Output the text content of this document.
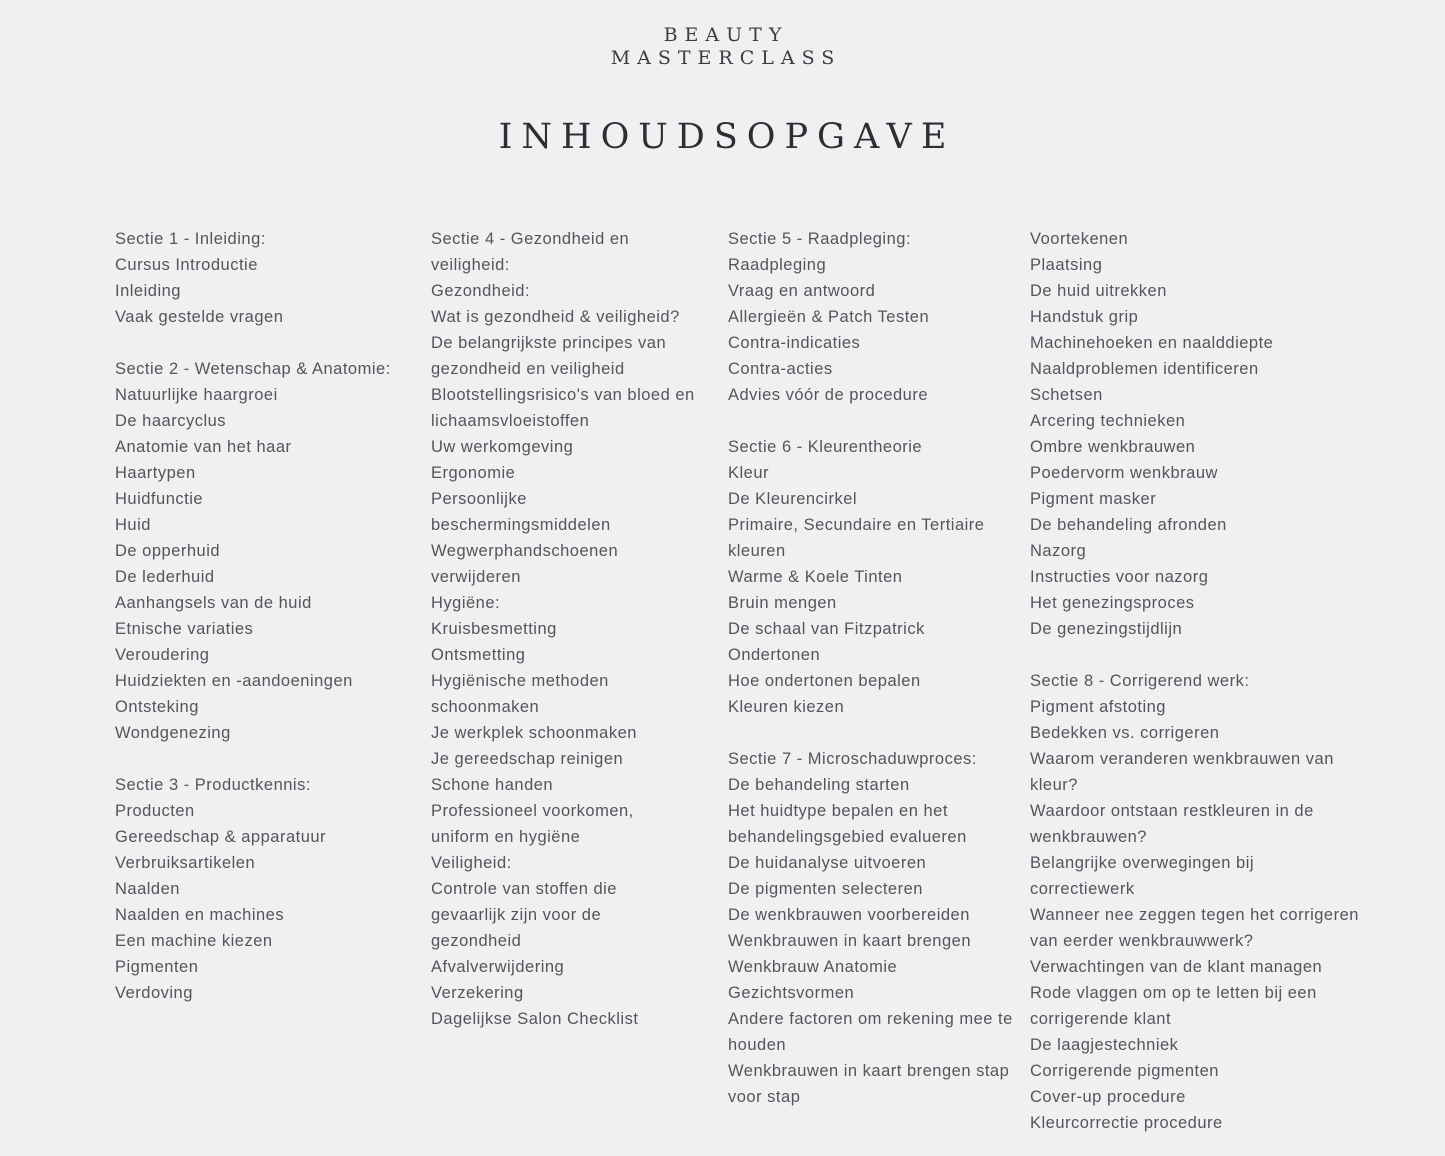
BEAUTY
MASTERCLASS
INHOUDSOPGAVE
Sectie 1 - Inleiding:
Cursus Introductie
Inleiding
Vaak gestelde vragen
Sectie 2 - Wetenschap & Anatomie:
Natuurlijke haargroei
De haarcyclus
Anatomie van het haar
Haartypen
Huidfunctie
Huid
De opperhuid
De lederhuid
Aanhangsels van de huid
Etnische variaties
Veroudering
Huidziekten en -aandoeningen
Ontsteking
Wondgenezing
Sectie 3 - Productkennis:
Producten
Gereedschap & apparatuur
Verbruiksartikelen
Naalden
Naalden en machines
Een machine kiezen
Pigmenten
Verdoving
Sectie 4 - Gezondheid en
veiligheid:
Gezondheid:
Wat is gezondheid & veiligheid?
De belangrijkste principes van
gezondheid en veiligheid
Blootstellingsrisico's van bloed en
lichaamsvloeistoffen
Uw werkomgeving
Ergonomie
Persoonlijke
beschermingsmiddelen
Wegwerphandschoenen
verwijderen
Hygiëne:
Kruisbesmetting
Ontsmetting
Hygiënische methoden
schoonmaken
Je werkplek schoonmaken
Je gereedschap reinigen
Schone handen
Professioneel voorkomen,
uniform en hygiëne
Veiligheid:
Controle van stoffen die
gevaarlijk zijn voor de
gezondheid
Afvalverwijdering
Verzekering
Dagelijkse Salon Checklist
Sectie 5 - Raadpleging:
Raadpleging
Vraag en antwoord
Allergieën & Patch Testen
Contra-indicaties
Contra-acties
Advies vóór de procedure
Sectie 6 - Kleurentheorie
Kleur
De Kleurencirkel
Primaire, Secundaire en Tertiaire
kleuren
Warme & Koele Tinten
Bruin mengen
De schaal van Fitzpatrick
Ondertonen
Hoe ondertonen bepalen
Kleuren kiezen
Sectie 7 - Microschaduwproces:
De behandeling starten
Het huidtype bepalen en het
behandelingsgebied evalueren
De huidanalyse uitvoeren
De pigmenten selecteren
De wenkbrauwen voorbereiden
Wenkbrauwen in kaart brengen
Wenkbrauw Anatomie
Gezichtsvormen
Andere factoren om rekening mee te
houden
Wenkbrauwen in kaart brengen stap
voor stap
Voortekenen
Plaatsing
De huid uitrekken
Handstuk grip
Machinehoeken en naalddiepte
Naaldproblemen identificeren
Schetsen
Arcering technieken
Ombre wenkbrauwen
Poedervorm wenkbrauw
Pigment masker
De behandeling afronden
Nazorg
Instructies voor nazorg
Het genezingsproces
De genezingstijdlijn
Sectie 8 - Corrigerend werk:
Pigment afstoting
Bedekken vs. corrigeren
Waarom veranderen wenkbrauwen van
kleur?
Waardoor ontstaan restkleuren in de
wenkbrauwen?
Belangrijke overwegingen bij
correctiewerk
Wanneer nee zeggen tegen het corrigeren
van eerder wenkbrauwwerk?
Verwachtingen van de klant managen
Rode vlaggen om op te letten bij een
corrigerende klant
De laagjestechniek
Corrigerende pigmenten
Cover-up procedure
Kleurcorrectie procedure
